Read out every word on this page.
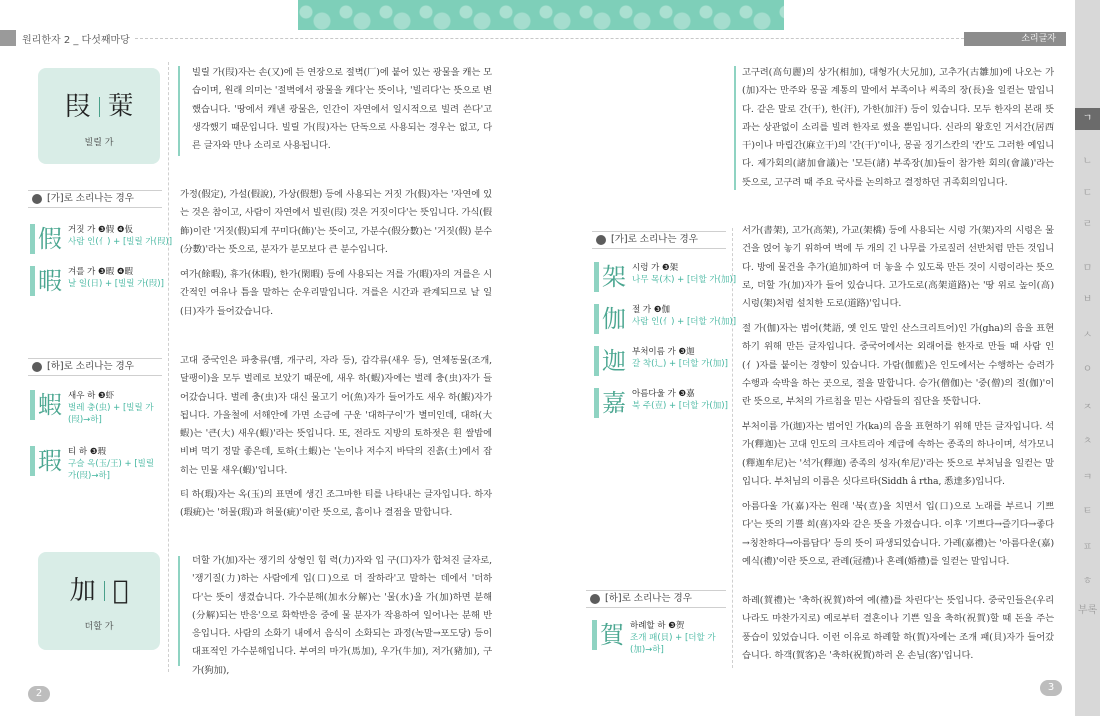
원리한자 2 _ 다섯째마당	소리글자
ㄱ
ㄴ
ㄷ
ㄹ
ㅁ
ㅂ
ㅅ
ㅇ
ㅈ
ㅊ
ㅋ
ㅌ
ㅍ
ㅎ
부록
2
3
叚 𢆞
빌릴 가
加 𠡠
더할 가
[가]로 소리나는 경우
假 거짓 가 ❸假 ❹仮
사람 인(亻) + [빌릴 가(叚)]
暇 겨를 가 ❸暇 ❹暇
날 일(日) + [빌릴 가(叚)]
[하]로 소리나는 경우
蝦 새우 하 ❸虾
벌레 충(虫) + [빌릴 가(叚)→하]
瑕 티 하 ❸瑕
구슬 옥(玉/王) + [빌릴 가(叚)→하]
[가]로 소리나는 경우
架 시렁 가 ❸架
나무 목(木) + [더할 가(加)]
伽 절 가 ❸伽
사람 인(亻) + [더할 가(加)]
迦 부처이름 가 ❸迦
갈 착(辶) + [더할 가(加)]
嘉 아름다울 가 ❸嘉
북 주(壴) + [더할 가(加)]
[하]로 소리나는 경우
賀 하례할 하 ❸贺
조개 패(貝) + [더할 가(加)→하]
빌릴 가(叚)자는 손(又)에 든 연장으로 절벽(厂)에 붙어 있는 광물을 캐는 모습이며, 원래 의미는 '절벽에서 광물을 캐다'는 뜻이나, '빌리다'는 뜻으로 변했습니다. '땅에서 캐낸 광물은, 인간이 자연에서 일시적으로 빌려 쓴다'고 생각했기 때문입니다. 빌릴 가(叚)자는 단독으로 사용되는 경우는 없고, 다른 글자와 만나 소리로 사용됩니다.
가정(假定), 가설(假說), 가상(假想) 등에 사용되는 거짓 가(假)자는 '자연에 있는 것은 참이고, 사람이 자연에서 빌린(叚) 것은 거짓이다'는 뜻입니다. 가식(假飾)이란 '거짓(假)되게 꾸미다(飾)'는 뜻이고, 가분수(假分數)는 '거짓(假) 분수(分數)'라는 뜻으로, 분자가 분모보다 큰 분수입니다.
여가(餘暇), 휴가(休暇), 한가(閑暇) 등에 사용되는 겨를 가(暇)자의 겨를은 시간적인 여유나 틈을 말하는 순우리말입니다. 겨를은 시간과 관계되므로 날 일(日)자가 들어갔습니다.
고대 중국인은 파충류(뱀, 개구리, 자라 등), 갑각류(새우 등), 연체동물(조개, 달팽이)을 모두 벌레로 보았기 때문에, 새우 하(蝦)자에는 벌레 충(虫)자가 들어갔습니다. 벌레 충(虫)자 대신 물고기 어(魚)자가 들어가도 새우 하(鰕)자가 됩니다. 가을철에 서해안에 가면 소금에 구운 '대하구이'가 별미인데, 대하(大蝦)는 '큰(大) 새우(蝦)'라는 뜻입니다. 또, 전라도 지방의 토하젓은 흰 쌀밥에 비벼 먹기 정말 좋은데, 토하(土蝦)는 '논이나 저수지 바닥의 진흙(土)에서 잡히는 민물 새우(蝦)'입니다.
티 하(瑕)자는 옥(玉)의 표면에 생긴 조그마한 티를 나타내는 글자입니다. 하자(瑕疵)는 '허물(瑕)과 허물(疵)'이란 뜻으로, 흠이나 결점을 말합니다.
더할 가(加)자는 쟁기의 상형인 힘 력(力)자와 입 구(口)자가 합쳐진 글자로, '쟁기질(力)하는 사람에게 입(口)으로 더 잘하라'고 말하는 데에서 '더하다'는 뜻이 생겼습니다. 가수분해(加水分解)는 '물(水)을 가(加)하면 분해(分解)되는 반응'으로 화학반응 중에 물 분자가 작용하여 일어나는 분해 반응입니다. 사람의 소화기 내에서 음식이 소화되는 과정(녹말→포도당) 등이 대표적인 가수분해입니다. 부여의 마가(馬加), 우가(牛加), 저가(豬加), 구가(狗加),
고구려(高句麗)의 상가(相加), 대형가(大兄加), 고추가(古雛加)에 나오는 가(加)자는 만주와 몽골 계통의 말에서 부족이나 씨족의 장(長)을 일컫는 말입니다. 같은 말로 간(干), 한(汗), 가한(加汗) 등이 있습니다. 모두 한자의 본래 뜻과는 상관없이 소리를 빌려 한자로 썼을 뿐입니다. 신라의 왕호인 거서간(居西干)이나 마립간(麻立干)의 '간(干)'이나, 몽골 징기스칸의 '칸'도 그러한 예입니다. 제가회의(諸加會議)는 '모든(諸) 부족장(加)들이 참가한 회의(會議)'라는 뜻으로, 고구려 때 주요 국사를 논의하고 결정하던 귀족회의입니다.
서가(書架), 고가(高架), 가교(架橋) 등에 사용되는 시렁 가(架)자의 시렁은 물건을 얹어 놓기 위하여 벽에 두 개의 긴 나무를 가로질러 선반처럼 만든 것입니다. 방에 물건을 추가(追加)하여 더 놓을 수 있도록 만든 것이 시렁이라는 뜻으로, 더할 가(加)자가 들어 있습니다. 고가도로(高架道路)는 '땅 위로 높이(高) 시렁(架)처럼 설치한 도로(道路)'입니다.
절 가(伽)자는 범어(梵語, 옛 인도 말인 산스크리트어)인 가(gha)의 음을 표현하기 위해 만든 글자입니다. 중국어에서는 외래어를 한자로 만들 때 사람 인(亻)자를 붙이는 경향이 있습니다. 가람(伽藍)은 인도에서는 수행하는 승려가 수행과 숙박을 하는 곳으로, 절을 말합니다. 승가(僧伽)는 '중(僧)의 절(伽)'이란 뜻으로, 부처의 가르침을 믿는 사람들의 집단을 뜻합니다.
부처이름 가(迦)자는 범어인 가(ka)의 음을 표현하기 위해 만든 글자입니다. 석가(釋迦)는 고대 인도의 크샤트리아 계급에 속하는 종족의 하나이며, 석가모니(釋迦牟尼)는 '석가(釋迦) 종족의 성자(牟尼)'라는 뜻으로 부처님을 일컫는 말입니다. 부처님의 이름은 싯다르타(Siddh â rtha, 悉達多)입니다.
아름다울 가(嘉)자는 원래 '북(壴)을 치면서 입(口)으로 노래를 부르니 기쁘다'는 뜻의 기쁠 희(喜)자와 같은 뜻을 가졌습니다. 이후 '기쁘다→즐기다→좋다→칭찬하다→아름답다' 등의 뜻이 파생되었습니다. 가례(嘉禮)는 '아름다운(嘉) 예식(禮)'이란 뜻으로, 관례(冠禮)나 혼례(婚禮)를 일컫는 말입니다.
하례(賀禮)는 '축하(祝賀)하여 예(禮)를 차린다'는 뜻입니다. 중국인들은(우리나라도 마찬가지로) 예로부터 결혼이나 기쁜 일을 축하(祝賀)할 때 돈을 주는 풍습이 있었습니다. 이런 이유로 하례할 하(賀)자에는 조개 패(貝)자가 들어갔습니다. 하객(賀客)은 '축하(祝賀)하러 온 손님(客)'입니다.
